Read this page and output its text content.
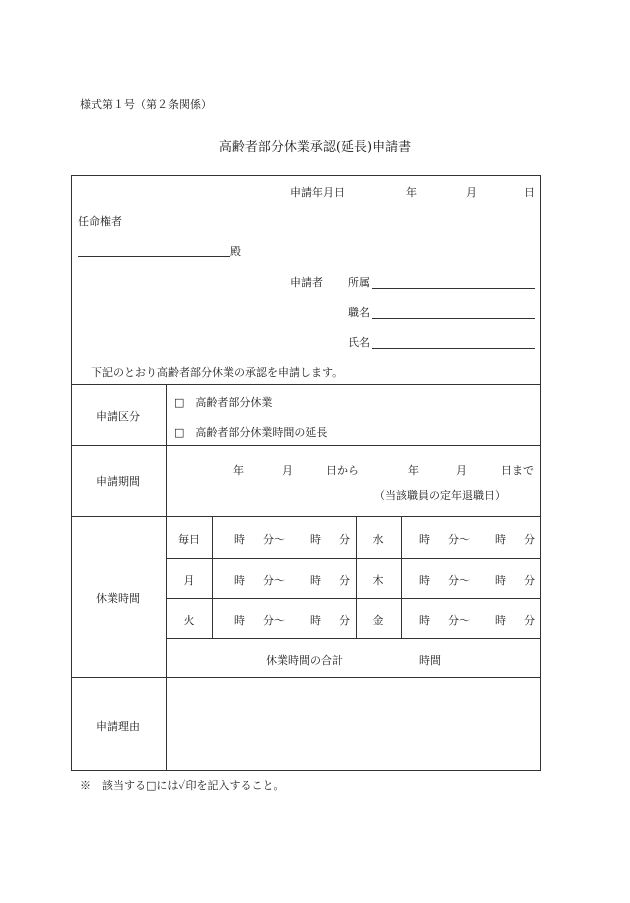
様式第１号（第２条関係）
高齢者部分休業承認(延長)申請書
申請年月日	年	月	日
任命権者
殿
申請者 所属
職名
氏名
下記のとおり高齢者部分休業の承認を申請します。
申請区分
□　高齢者部分休業
□　高齢者部分休業時間の延長
申請期間
年	月	日から	年	月	日まで
（当該職員の定年退職日）
休業時間
毎日	時 分〜 時 分 水	時 分〜 時 分
月	時 分〜 時 分 木	時 分〜 時 分
火	時 分〜 時 分 金	時 分〜 時 分
休業時間の合計	時間
申請理由
※　該当する□には✓印を記入すること。
